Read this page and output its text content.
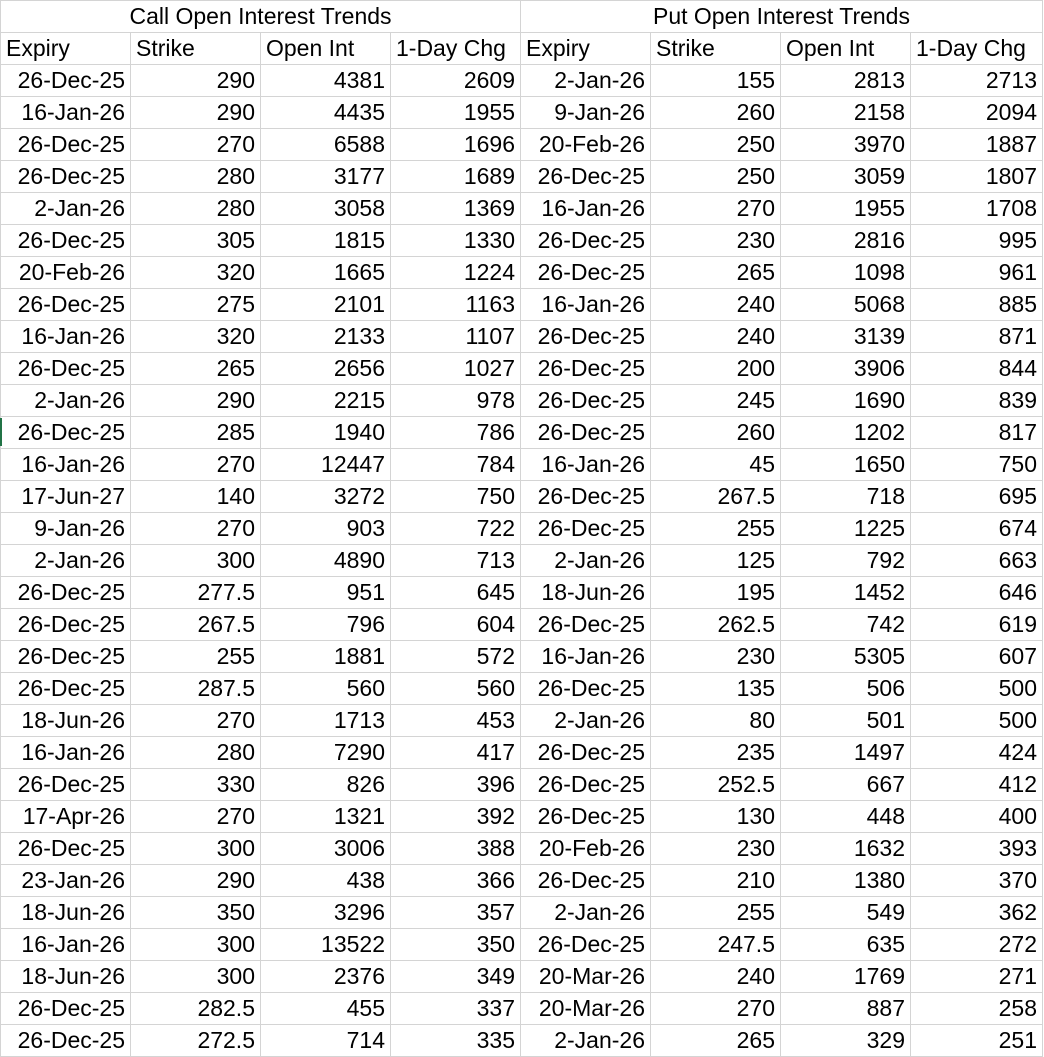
Call Open Interest Trends				Put Open Interest Trends			
Expiry	Strike	Open Int	1-Day Chg	Expiry	Strike	Open Int	1-Day Chg
26-Dec-25	290	4381	2609	2-Jan-26	155	2813	2713
16-Jan-26	290	4435	1955	9-Jan-26	260	2158	2094
26-Dec-25	270	6588	1696	20-Feb-26	250	3970	1887
26-Dec-25	280	3177	1689	26-Dec-25	250	3059	1807
2-Jan-26	280	3058	1369	16-Jan-26	270	1955	1708
26-Dec-25	305	1815	1330	26-Dec-25	230	2816	995
20-Feb-26	320	1665	1224	26-Dec-25	265	1098	961
26-Dec-25	275	2101	1163	16-Jan-26	240	5068	885
16-Jan-26	320	2133	1107	26-Dec-25	240	3139	871
26-Dec-25	265	2656	1027	26-Dec-25	200	3906	844
2-Jan-26	290	2215	978	26-Dec-25	245	1690	839
26-Dec-25	285	1940	786	26-Dec-25	260	1202	817
16-Jan-26	270	12447	784	16-Jan-26	45	1650	750
17-Jun-27	140	3272	750	26-Dec-25	267.5	718	695
9-Jan-26	270	903	722	26-Dec-25	255	1225	674
2-Jan-26	300	4890	713	2-Jan-26	125	792	663
26-Dec-25	277.5	951	645	18-Jun-26	195	1452	646
26-Dec-25	267.5	796	604	26-Dec-25	262.5	742	619
26-Dec-25	255	1881	572	16-Jan-26	230	5305	607
26-Dec-25	287.5	560	560	26-Dec-25	135	506	500
18-Jun-26	270	1713	453	2-Jan-26	80	501	500
16-Jan-26	280	7290	417	26-Dec-25	235	1497	424
26-Dec-25	330	826	396	26-Dec-25	252.5	667	412
17-Apr-26	270	1321	392	26-Dec-25	130	448	400
26-Dec-25	300	3006	388	20-Feb-26	230	1632	393
23-Jan-26	290	438	366	26-Dec-25	210	1380	370
18-Jun-26	350	3296	357	2-Jan-26	255	549	362
16-Jan-26	300	13522	350	26-Dec-25	247.5	635	272
18-Jun-26	300	2376	349	20-Mar-26	240	1769	271
26-Dec-25	282.5	455	337	20-Mar-26	270	887	258
26-Dec-25	272.5	714	335	2-Jan-26	265	329	251
